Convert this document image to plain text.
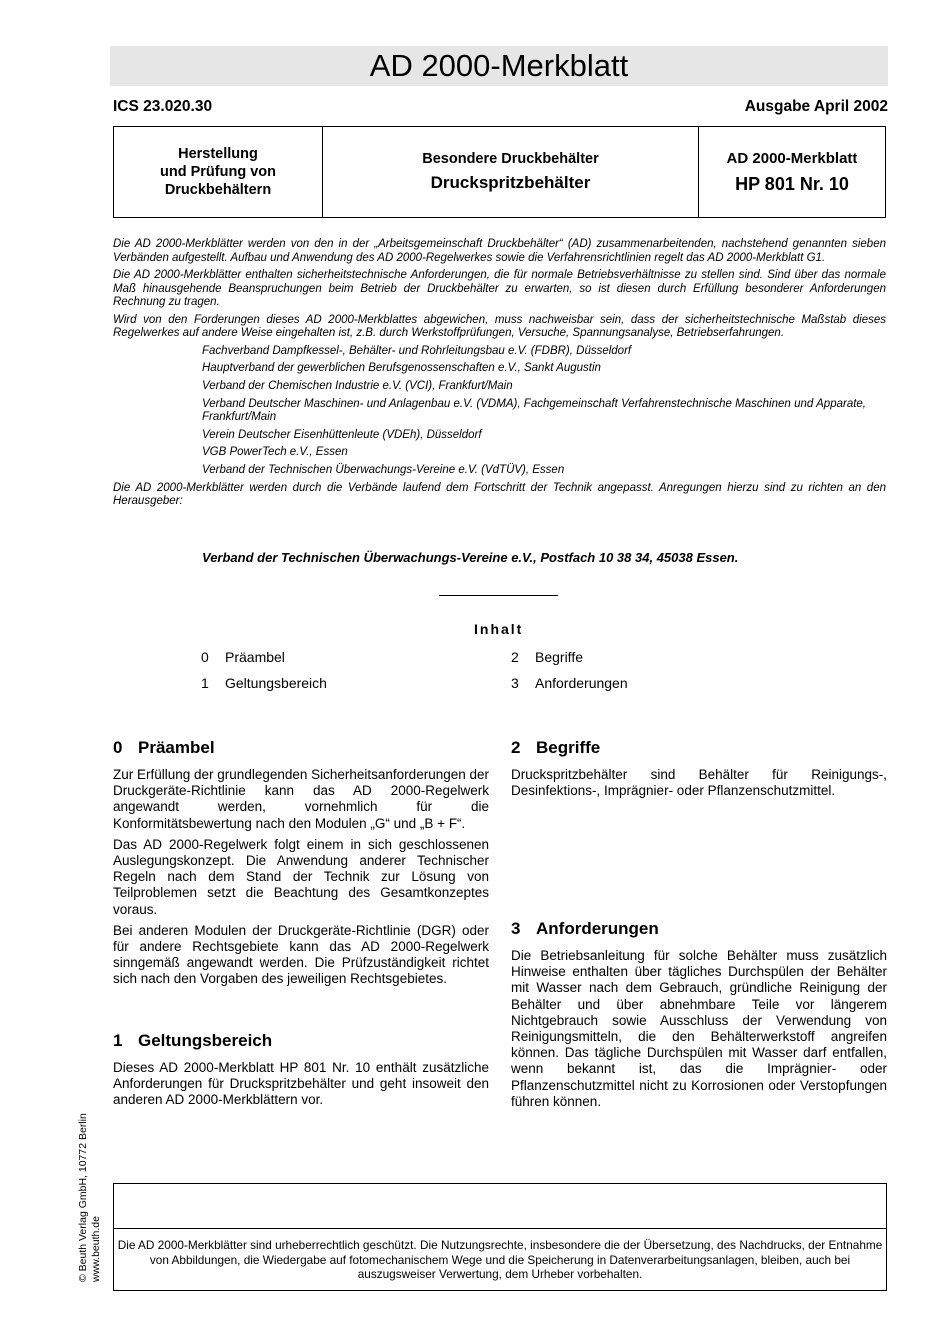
AD 2000-Merkblatt
ICS 23.020.30	Ausgabe April 2002
Herstellung
und Prüfung von
Druckbehältern
Besondere Druckbehälter
Druckspritzbehälter
AD 2000-Merkblatt
HP 801 Nr. 10

Die AD 2000-Merkblätter werden von den in der „Arbeitsgemeinschaft Druckbehälter“ (AD) zusammenarbeitenden, nachstehend genannten sieben Verbänden aufgestellt. Aufbau und Anwendung des AD 2000-Regelwerkes sowie die Verfahrensrichtlinien regelt das AD 2000-Merkblatt G1.

Die AD 2000-Merkblätter enthalten sicherheitstechnische Anforderungen, die für normale Betriebsverhältnisse zu stellen sind. Sind über das normale Maß hinausgehende Beanspruchungen beim Betrieb der Druckbehälter zu erwarten, so ist diesen durch Erfüllung besonderer Anforderungen Rechnung zu tragen.

Wird von den Forderungen dieses AD 2000-Merkblattes abgewichen, muss nachweisbar sein, dass der sicherheitstechnische Maßstab dieses Regelwerkes auf andere Weise eingehalten ist, z.B. durch Werkstoffprüfungen, Versuche, Spannungsanalyse, Betriebserfahrungen.

Fachverband Dampfkessel-, Behälter- und Rohrleitungsbau e.V. (FDBR), Düsseldorf
Hauptverband der gewerblichen Berufsgenossenschaften e.V., Sankt Augustin
Verband der Chemischen Industrie e.V. (VCI), Frankfurt/Main
Verband Deutscher Maschinen- und Anlagenbau e.V. (VDMA), Fachgemeinschaft Verfahrenstechnische Maschinen und Apparate, Frankfurt/Main
Verein Deutscher Eisenhüttenleute (VDEh), Düsseldorf
VGB PowerTech e.V., Essen
Verband der Technischen Überwachungs-Vereine e.V. (VdTÜV), Essen

Die AD 2000-Merkblätter werden durch die Verbände laufend dem Fortschritt der Technik angepasst. Anregungen hierzu sind zu richten an den Herausgeber:

Verband der Technischen Überwachungs-Vereine e.V., Postfach 10 38 34, 45038 Essen.
Inhalt
0 Präambel
1 Geltungsbereich
2 Begriffe
3 Anforderungen
0 Präambel

Zur Erfüllung der grundlegenden Sicherheitsanforderungen der Druckgeräte-Richtlinie kann das AD 2000-Regelwerk angewandt werden, vornehmlich für die Konformitätsbewertung nach den Modulen „G“ und „B + F“.

Das AD 2000-Regelwerk folgt einem in sich geschlossenen Auslegungskonzept. Die Anwendung anderer Technischer Regeln nach dem Stand der Technik zur Lösung von Teilproblemen setzt die Beachtung des Gesamtkonzeptes voraus.

Bei anderen Modulen der Druckgeräte-Richtlinie (DGR) oder für andere Rechtsgebiete kann das AD 2000-Regelwerk sinngemäß angewandt werden. Die Prüfzuständigkeit richtet sich nach den Vorgaben des jeweiligen Rechtsgebietes.

1 Geltungsbereich

Dieses AD 2000-Merkblatt HP 801 Nr. 10 enthält zusätzliche Anforderungen für Druckspritzbehälter und geht insoweit den anderen AD 2000-Merkblättern vor.

2 Begriffe

Druckspritzbehälter sind Behälter für Reinigungs-, Desinfektions-, Imprägnier- oder Pflanzenschutzmittel.

3 Anforderungen

Die Betriebsanleitung für solche Behälter muss zusätzlich Hinweise enthalten über tägliches Durchspülen der Behälter mit Wasser nach dem Gebrauch, gründliche Reinigung der Behälter und über abnehmbare Teile vor längerem Nichtgebrauch sowie Ausschluss der Verwendung von Reinigungsmitteln, die den Behälterwerkstoff angreifen können. Das tägliche Durchspülen mit Wasser darf entfallen, wenn bekannt ist, das die Imprägnier- oder Pflanzenschutzmittel nicht zu Korrosionen oder Verstopfungen führen können.

© Beuth Verlag GmbH, 10772 Berlin www.beuth.de	Die AD 2000-Merkblätter sind urheberrechtlich geschützt. Die Nutzungsrechte, insbesondere die der Übersetzung, des Nachdrucks, der Entnahme von Abbildungen, die Wiedergabe auf fotomechanischem Wege und die Speicherung in Datenverarbeitungsanlagen, bleiben, auch bei auszugsweiser Verwertung, dem Urheber vorbehalten.
